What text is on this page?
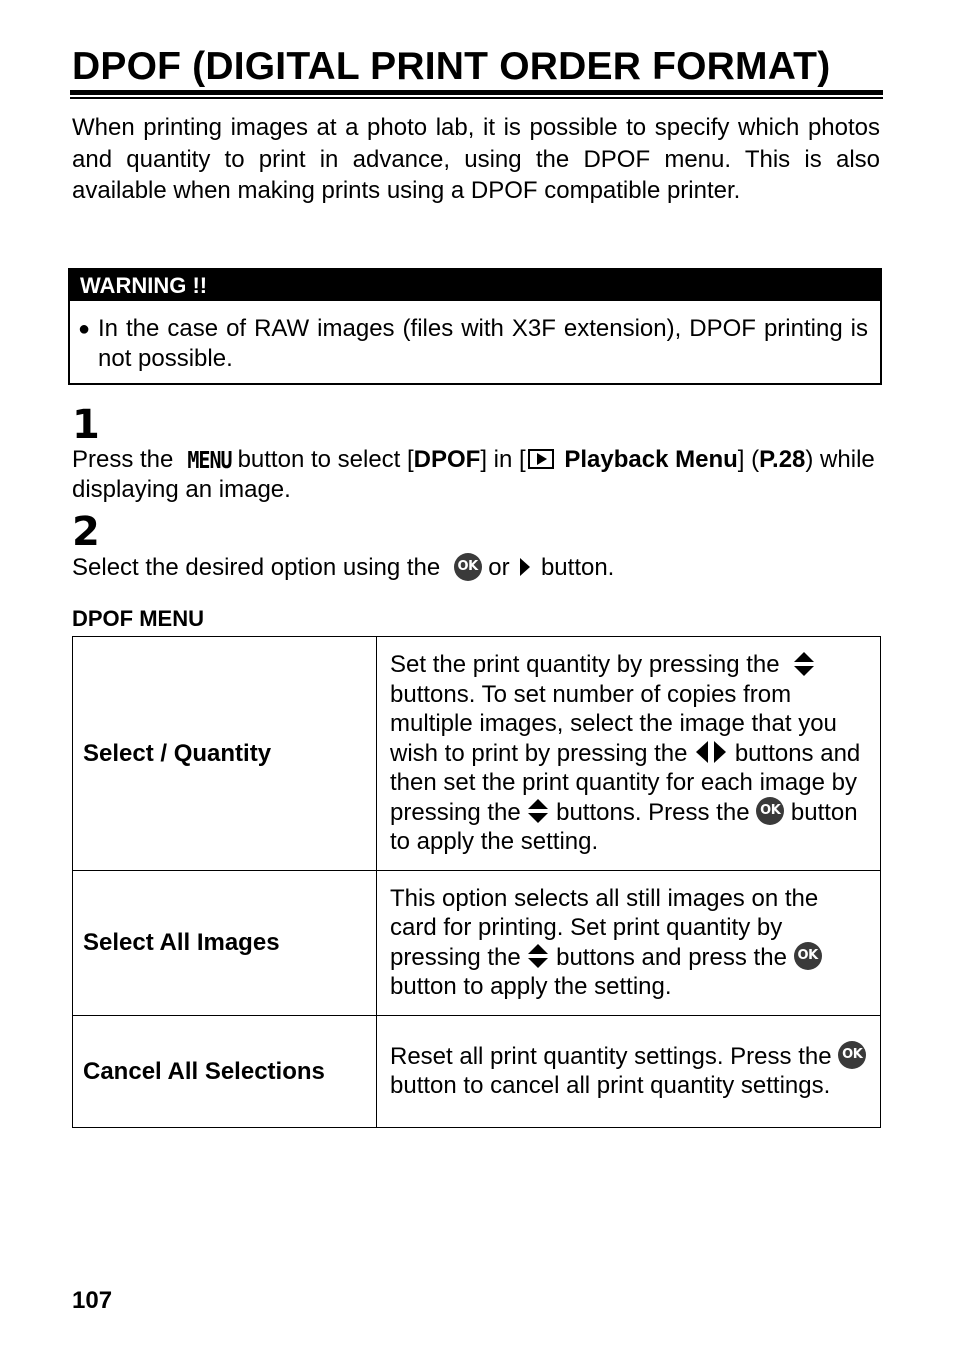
DPOF (DIGITAL PRINT ORDER FORMAT)

When printing images at a photo lab, it is possible to specify which photos and quantity to print in advance, using the DPOF menu. This is also available when making prints using a DPOF compatible printer.

WARNING !!
● In the case of RAW images (files with X3F extension), DPOF printing is not possible.
1

Press the MENU button to select [DPOF] in [ Playback Menu] (P.28) while displaying an image.

2

Select the desired option using the OK or button.

DPOF MENU
Select / Quantity	Set the print quantity by pressing the   buttons. To set number of copies from multiple images, select the image that you wish to print by pressing the buttons and then set the print quantity for each image by pressing the buttons. Press the OK button to apply the setting.
Select All Images	This option selects all still images on the card for printing. Set print quantity by pressing the buttons and press the OK button to apply the setting.
Cancel All Selections	Reset all print quantity settings. Press the OK button to cancel all print quantity settings.
107
